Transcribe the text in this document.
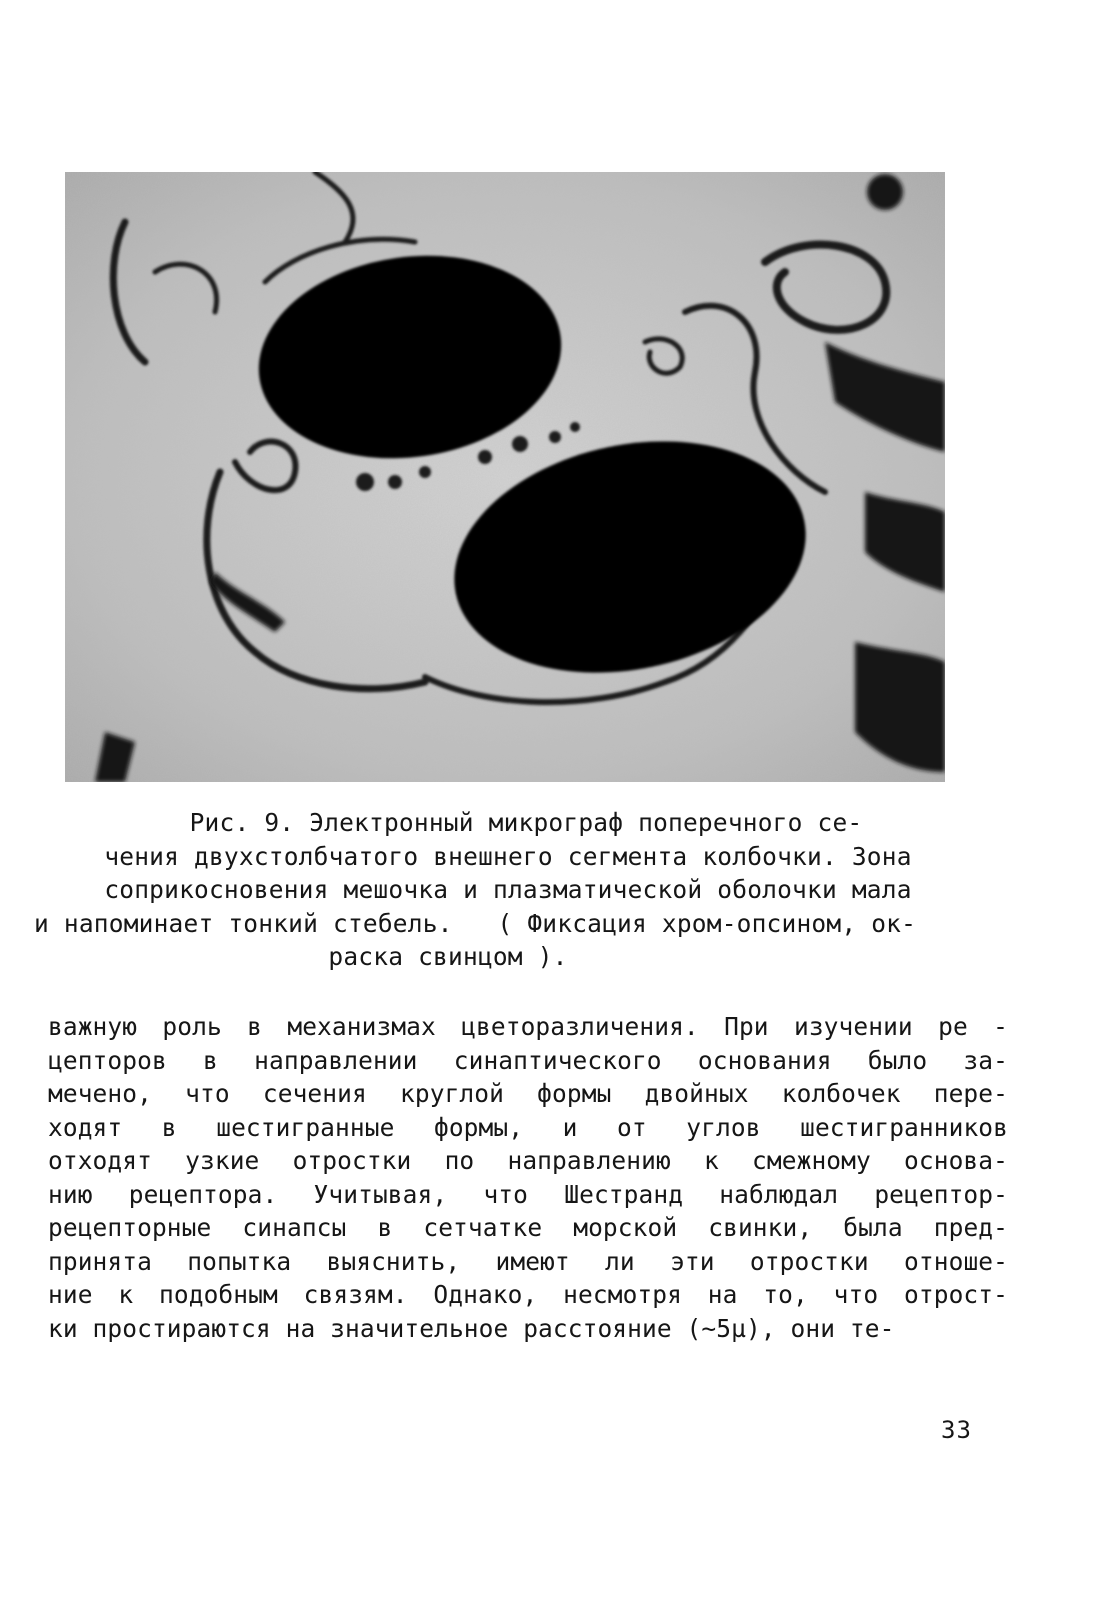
Рис. 9. Электронный микрограф поперечного се-
чения двухстолбчатого внешнего сегмента колбочки. Зона
соприкосновения мешочка и плазматической оболочки мала
и напоминает тонкий стебель.   ( Фиксация хром-опсином, ок-
раска свинцом ).
важную роль в механизмах цветоразличения. При изучении ре -
цепторов в направлении синаптического основания было за-
мечено, что сечения круглой формы двойных колбочек пере-
ходят в шестигранные формы, и от углов шестигранников
отходят узкие отростки по направлению к смежному основа-
нию рецептора. Учитывая, что Шестранд наблюдал рецептор-
рецепторные синапсы в сетчатке морской свинки, была пред-
принята попытка выяснить, имеют ли эти отростки отноше-
ние к подобным связям. Однако, несмотря на то, что отрост-
ки простираются на значительное расстояние (~5µ), они те-
33
